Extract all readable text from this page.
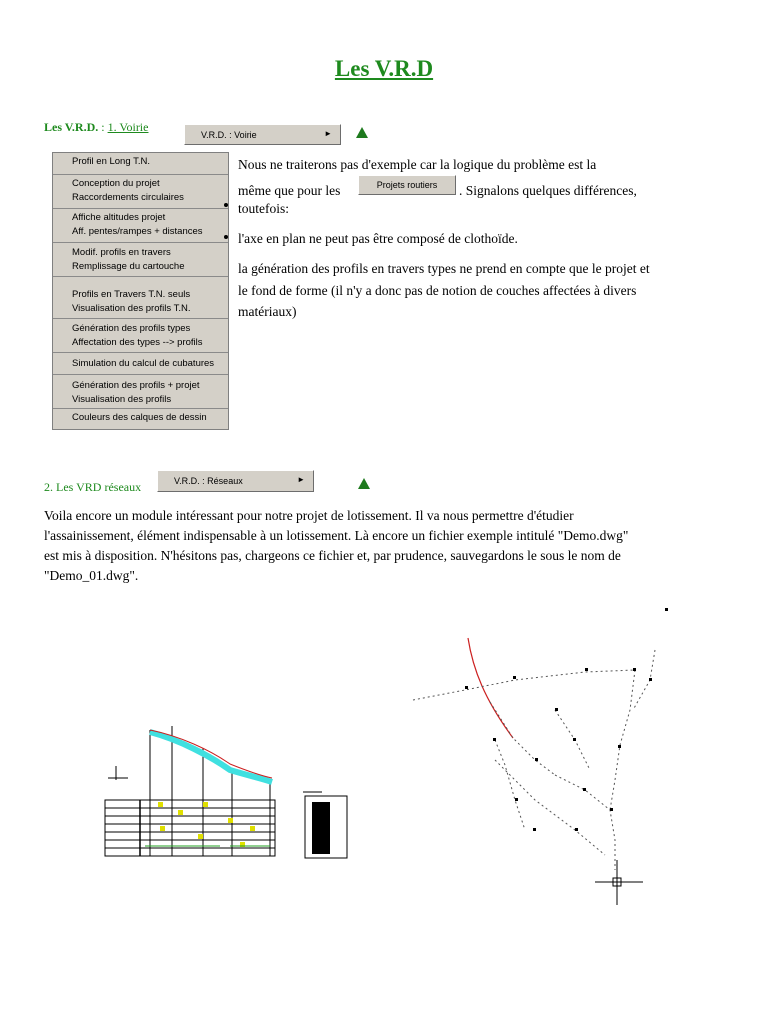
Les V.R.D
Les V.R.D. : 1. Voirie
V.R.D. : Voirie	►
Profil en Long T.N.
Conception du projet
Raccordements circulaires
Affiche altitudes projet
Aff. pentes/rampes + distances
Modif. profils en travers
Remplissage du cartouche
Profils en Travers T.N. seuls
Visualisation des profils T.N.
Génération des profils types
Affectation des types --> profils
Simulation du calcul de cubatures
Génération des profils + projet
Visualisation des profils
Couleurs des calques de dessin
Nous ne traiterons pas d'exemple car la logique du problème est la
même que pour les	Projets routiers	. Signalons quelques différences,
toutefois:
l'axe en plan ne peut pas être composé de clothoïde.
la génération des profils en travers types ne prend en compte que le projet et
le fond de forme (il n'y a donc pas de notion de couches affectées à divers
matériaux)
2. Les VRD réseaux	V.R.D. : Réseaux	►
Voila encore un module intéressant pour notre projet de lotissement. Il va nous permettre d'étudier
l'assainissement, élément indispensable à un lotissement. Là encore un fichier exemple intitulé "Demo.dwg"
est mis à disposition. N'hésitons pas, chargeons ce fichier et, par prudence, sauvegardons le sous le nom de
"Demo_01.dwg".
